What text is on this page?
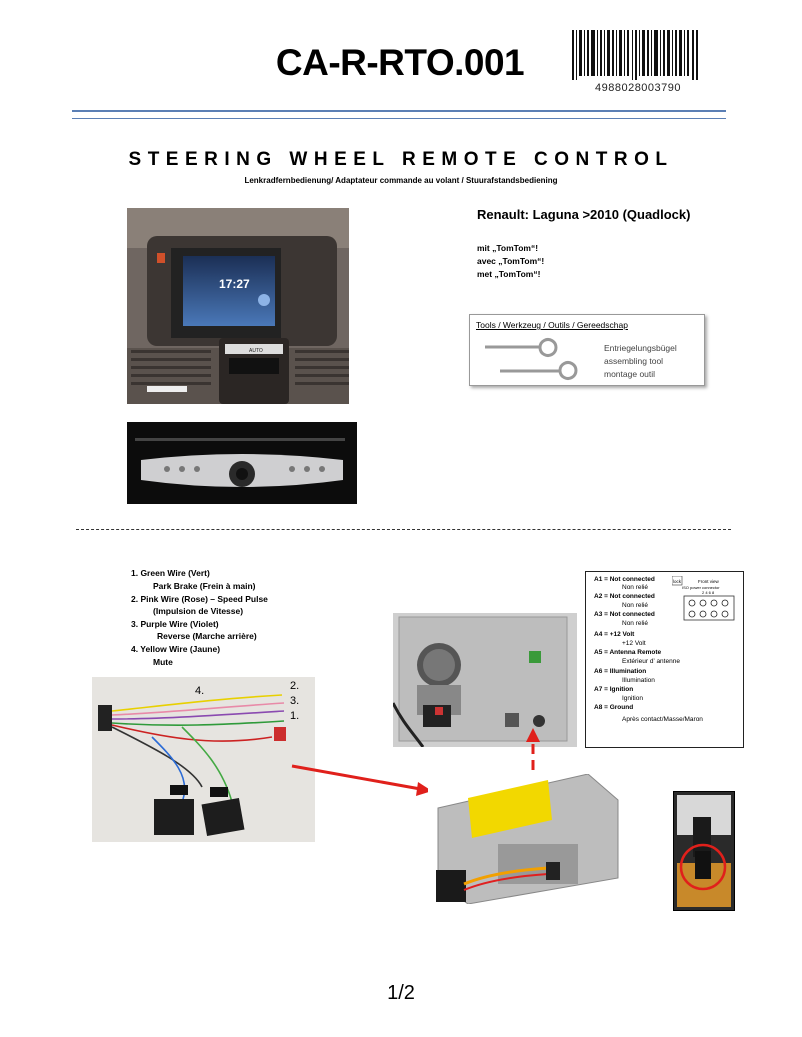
CA-R-RTO.001
4988028003790
STEERING WHEEL REMOTE CONTROL
Lenkradfernbedienung/ Adaptateur commande au volant / Stuurafstandsbediening
17:27
AUTO
Renault: Laguna >2010 (Quadlock)
mit „TomTom“!
avec „TomTom“!
met „TomTom“!
Tools / Werkzeug / Outils / Gereedschap
Entriegelungsbügel
assembling tool
montage outil
1. Green Wire (Vert)
Park Brake (Frein à main)
2. Pink Wire (Rose) – Speed Pulse
(Impulsion de Vitesse)
3. Purple Wire (Violet)
Reverse (Marche arrière)
4. Yellow Wire (Jaune)
Mute
4.	2.
3.
1.
A1 = Not connected
Non relié
A2 = Not connected
Non relié
A3 = Not connected
Non relié
A4 = +12 Volt
+12 Volt
A5 = Antenna Remote
Extérieur d’ antenne
A6 = Illumination
Illumination
A7 = Ignition
Ignition
A8 = Ground
Après contact/Masse/Maron
lock	Front view
ISO power connector
2 4 6 8
1/2
